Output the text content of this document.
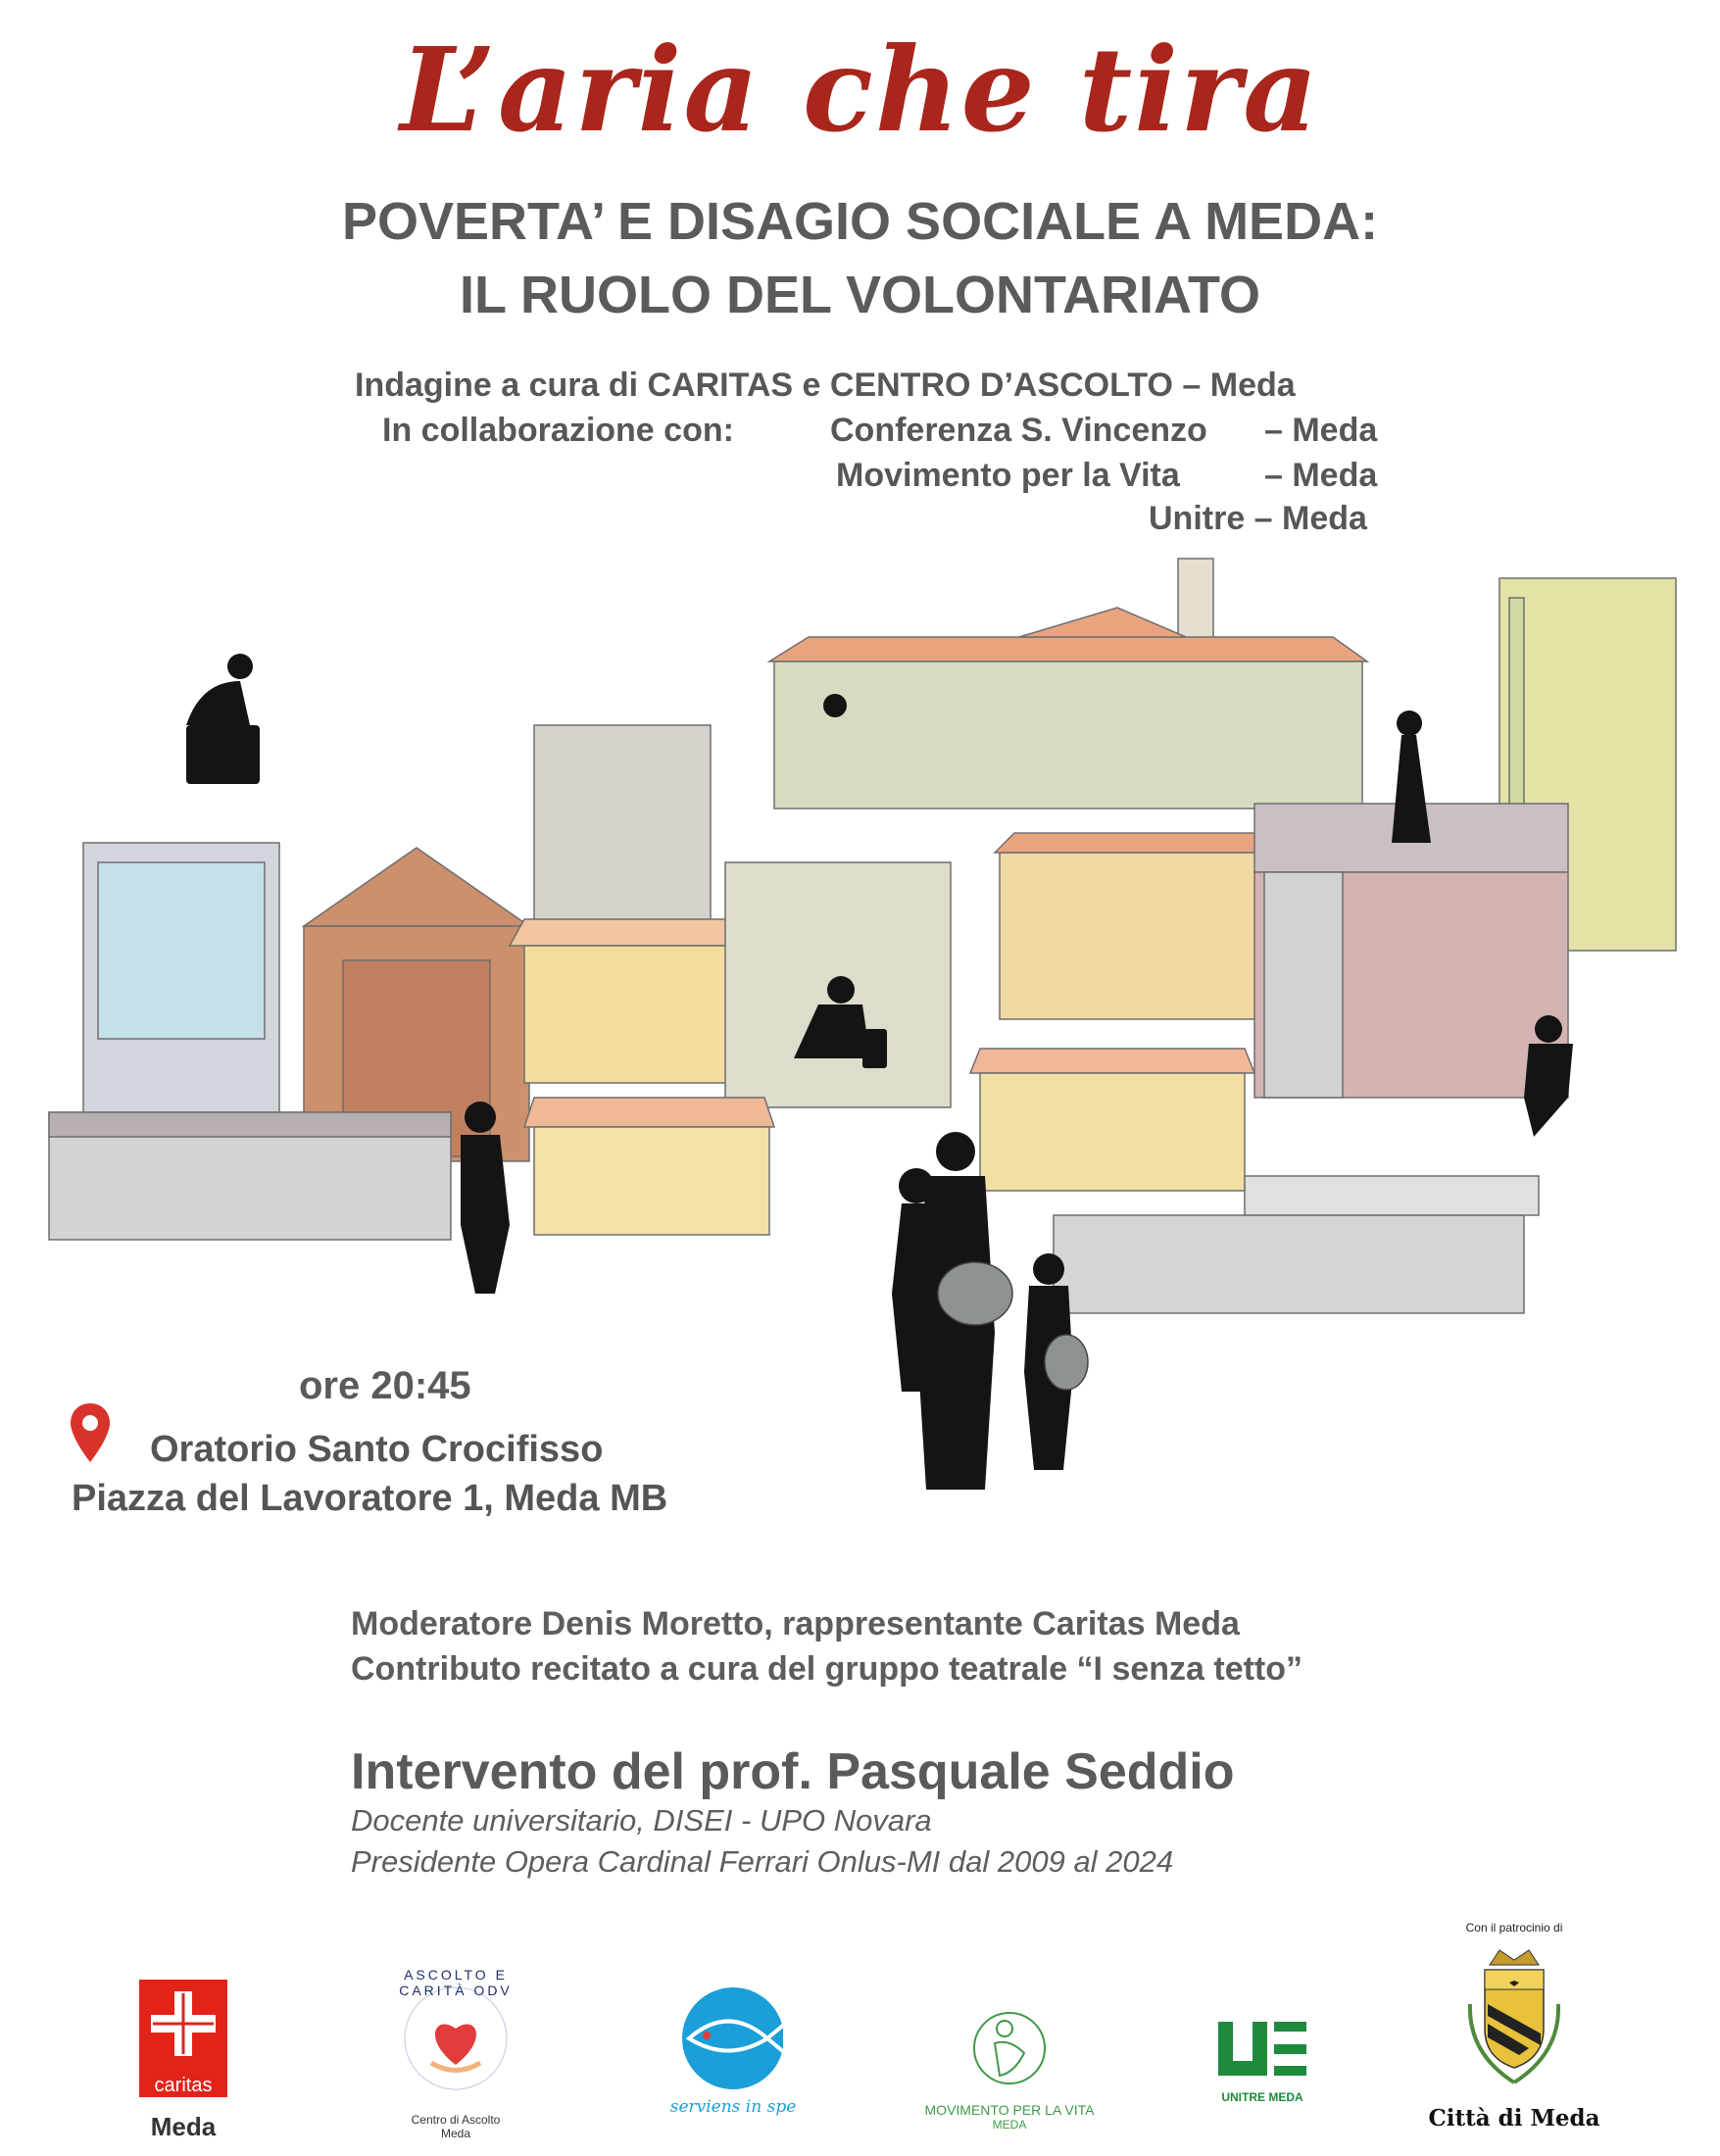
L’aria che tira
POVERTA’ E DISAGIO SOCIALE A MEDA:
IL RUOLO DEL VOLONTARIATO
Indagine a cura di CARITAS e CENTRO D’ASCOLTO – Meda
In collaborazione con:	Conferenza S. Vincenzo – Meda
Movimento per la Vita	– Meda
Unitre – Meda
ore 20:45
Oratorio Santo Crocifisso
Piazza del Lavoratore 1, Meda MB
Moderatore Denis Moretto, rappresentante Caritas Meda
Contributo recitato a cura del gruppo teatrale “I senza tetto”
Intervento del prof. Pasquale Seddio
Docente universitario, DISEI - UPO Novara
Presidente Opera Cardinal Ferrari Onlus-MI dal 2009 al 2024
caritas
Meda
ASCOLTO E CARITÀ ODV
Centro di Ascolto
Meda
serviens in spe	MOVIMENTO PER LA VITA
MEDA
UNITRE MEDA
Con il patrocinio di
Città di Meda
